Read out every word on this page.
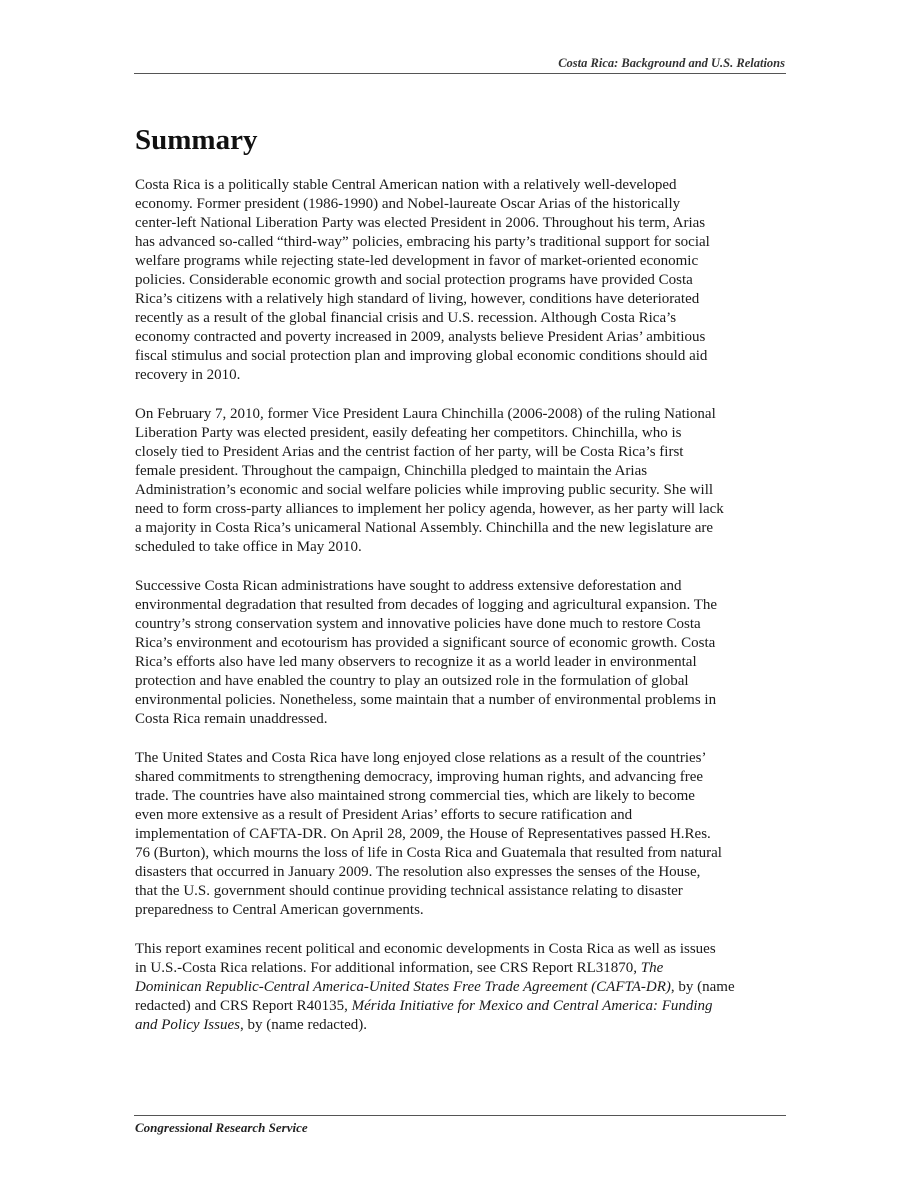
Costa Rica: Background and U.S. Relations
Summary

Costa Rica is a politically stable Central American nation with a relatively well-developed
economy. Former president (1986-1990) and Nobel-laureate Oscar Arias of the historically
center-left National Liberation Party was elected President in 2006. Throughout his term, Arias
has advanced so-called “third-way” policies, embracing his party’s traditional support for social
welfare programs while rejecting state-led development in favor of market-oriented economic
policies. Considerable economic growth and social protection programs have provided Costa
Rica’s citizens with a relatively high standard of living, however, conditions have deteriorated
recently as a result of the global financial crisis and U.S. recession. Although Costa Rica’s
economy contracted and poverty increased in 2009, analysts believe President Arias’ ambitious
fiscal stimulus and social protection plan and improving global economic conditions should aid
recovery in 2010.

On February 7, 2010, former Vice President Laura Chinchilla (2006-2008) of the ruling National
Liberation Party was elected president, easily defeating her competitors. Chinchilla, who is
closely tied to President Arias and the centrist faction of her party, will be Costa Rica’s first
female president. Throughout the campaign, Chinchilla pledged to maintain the Arias
Administration’s economic and social welfare policies while improving public security. She will
need to form cross-party alliances to implement her policy agenda, however, as her party will lack
a majority in Costa Rica’s unicameral National Assembly. Chinchilla and the new legislature are
scheduled to take office in May 2010.

Successive Costa Rican administrations have sought to address extensive deforestation and
environmental degradation that resulted from decades of logging and agricultural expansion. The
country’s strong conservation system and innovative policies have done much to restore Costa
Rica’s environment and ecotourism has provided a significant source of economic growth. Costa
Rica’s efforts also have led many observers to recognize it as a world leader in environmental
protection and have enabled the country to play an outsized role in the formulation of global
environmental policies. Nonetheless, some maintain that a number of environmental problems in
Costa Rica remain unaddressed.

The United States and Costa Rica have long enjoyed close relations as a result of the countries’
shared commitments to strengthening democracy, improving human rights, and advancing free
trade. The countries have also maintained strong commercial ties, which are likely to become
even more extensive as a result of President Arias’ efforts to secure ratification and
implementation of CAFTA-DR. On April 28, 2009, the House of Representatives passed H.Res.
76 (Burton), which mourns the loss of life in Costa Rica and Guatemala that resulted from natural
disasters that occurred in January 2009. The resolution also expresses the senses of the House,
that the U.S. government should continue providing technical assistance relating to disaster
preparedness to Central American governments.

This report examines recent political and economic developments in Costa Rica as well as issues
in U.S.-Costa Rica relations. For additional information, see CRS Report RL31870, The
Dominican Republic-Central America-United States Free Trade Agreement (CAFTA-DR), by (name
redacted) and CRS Report R40135, Mérida Initiative for Mexico and Central America: Funding
and Policy Issues, by (name redacted).

Congressional Research Service
